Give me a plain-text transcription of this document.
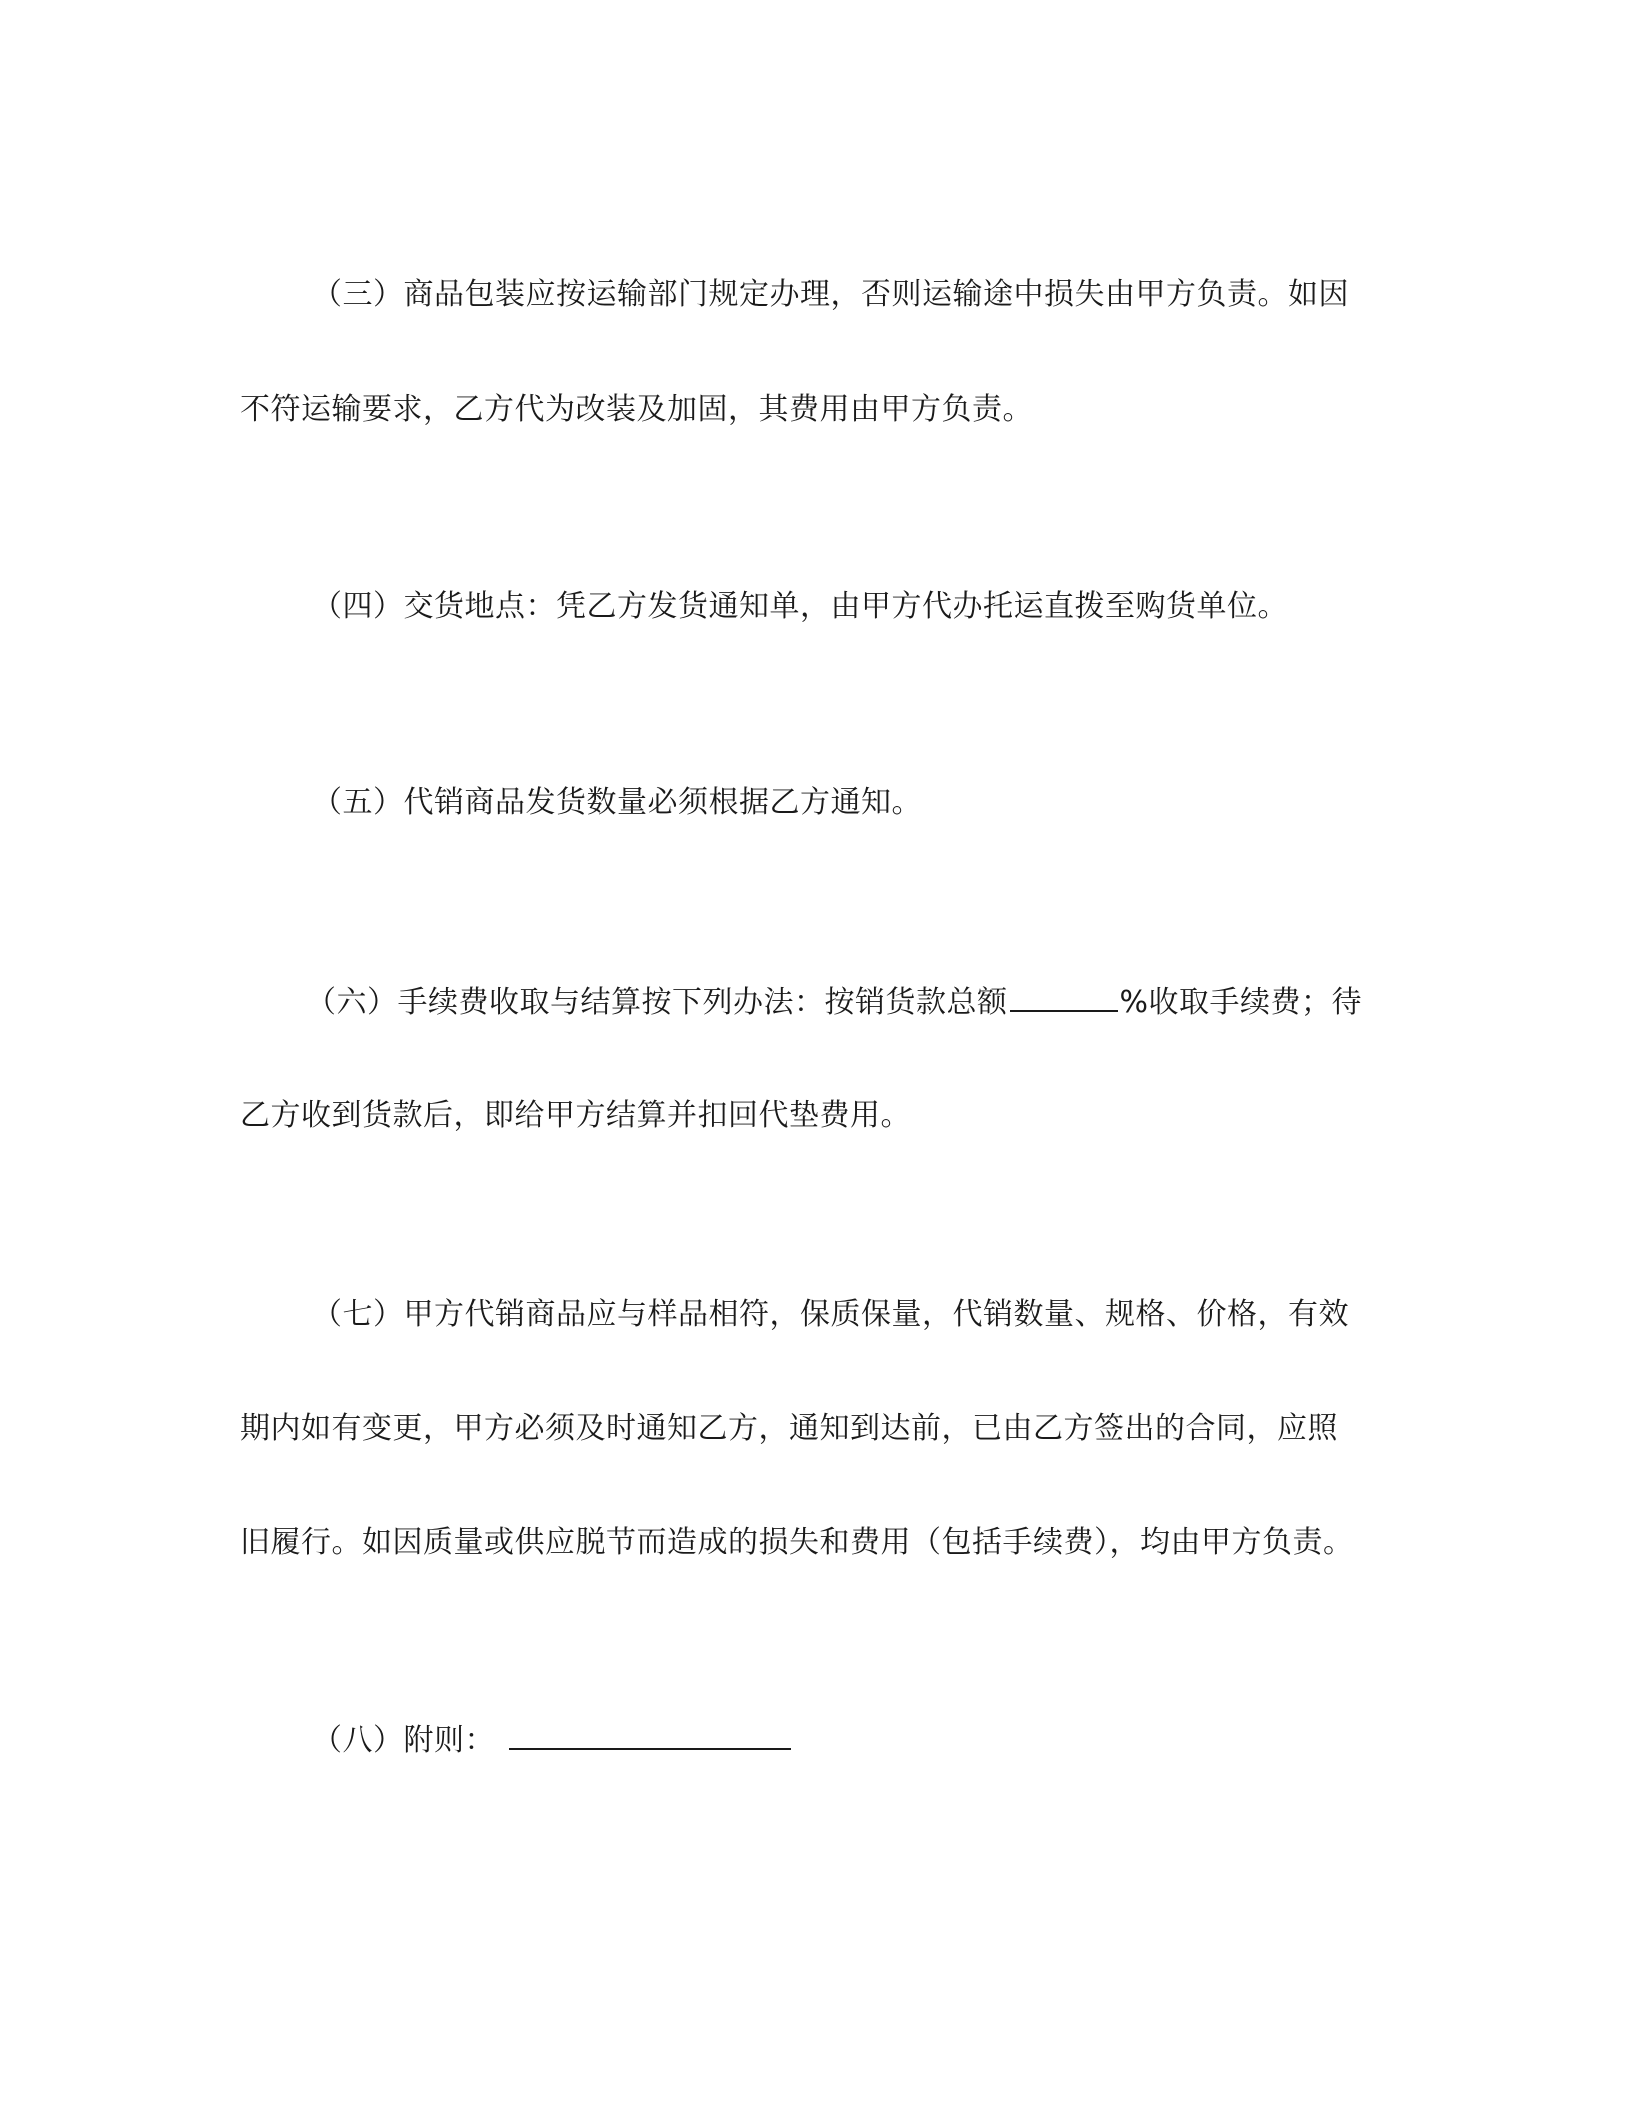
（三）商品包装应按运输部门规定办理，否则运输途中损失由甲方负责。如因
不符运输要求，乙方代为改装及加固，其费用由甲方负责。
（四）交货地点：凭乙方发货通知单，由甲方代办托运直拨至购货单位。
（五）代销商品发货数量必须根据乙方通知。
（六）手续费收取与结算按下列办法：按销货款总额	%收取手续费；待
乙方收到货款后，即给甲方结算并扣回代垫费用。
（七）甲方代销商品应与样品相符，保质保量，代销数量、规格、价格，有效
期内如有变更，甲方必须及时通知乙方，通知到达前，已由乙方签出的合同，应照
旧履行。如因质量或供应脱节而造成的损失和费用（包括手续费），均由甲方负责。
（八）附则：
